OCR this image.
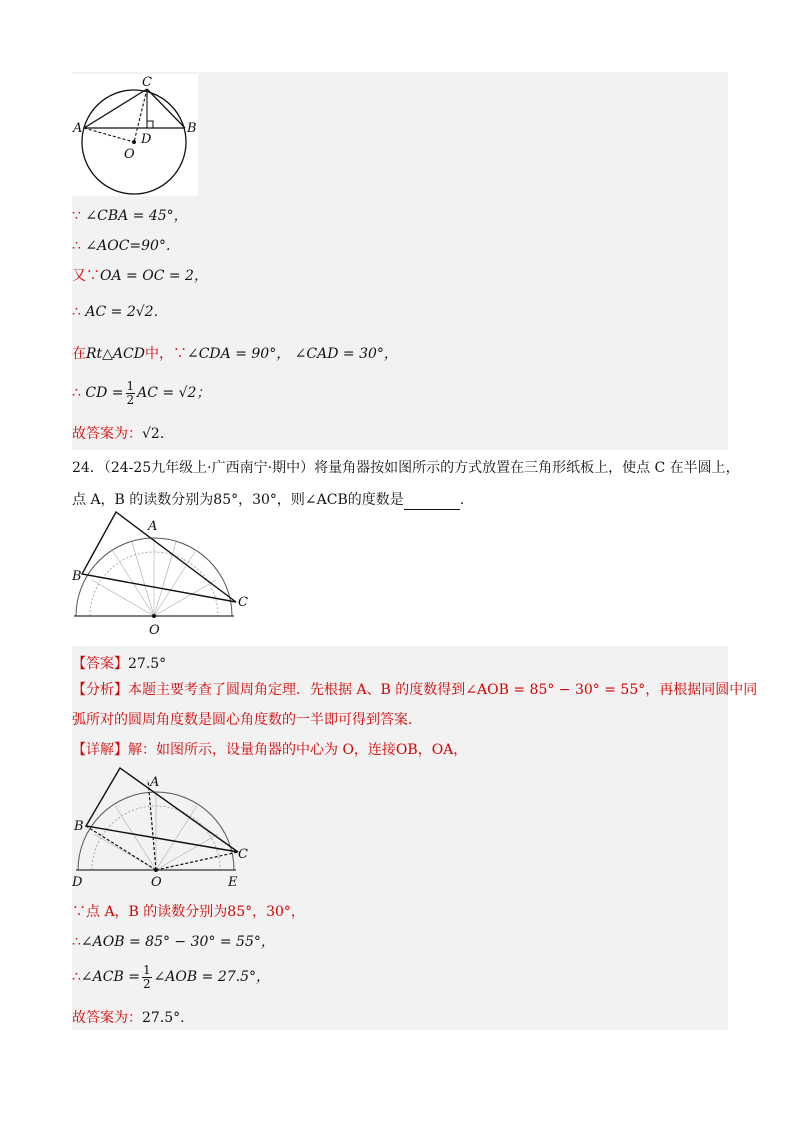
C
A	B
D
O
∵ ∠CBA = 45°，
∴ ∠AOC=90°.
又∵OA = OC = 2，
∴ AC = 2√2.
在Rt△ACD中，∵∠CDA = 90°， ∠CAD = 30°，
∴ CD = $\frac{1}{2}$ AC = √2；
故答案为：√2.
24．（24-25九年级上·广西南宁·期中）将量角器按如图所示的方式放置在三角形纸板上，使点 C 在半圆上，
点 A，B 的读数分别为85°，30°，则∠ACB的度数是	.
A
B
C
O
【答案】27.5°
【分析】本题主要考查了圆周角定理．先根据 A、B 的度数得到∠AOB = 85° − 30° = 55°，再根据同圆中同
弧所对的圆周角度数是圆心角度数的一半即可得到答案．
【详解】解：如图所示，设量角器的中心为 O，连接OB，OA，
A
B
C
D	O	E
∵点 A，B 的读数分别为85°，30°，
∴∠AOB = 85° − 30° = 55°，
∴∠ACB = $\frac{1}{2}$ ∠AOB = 27.5°，
故答案为：27.5°.
